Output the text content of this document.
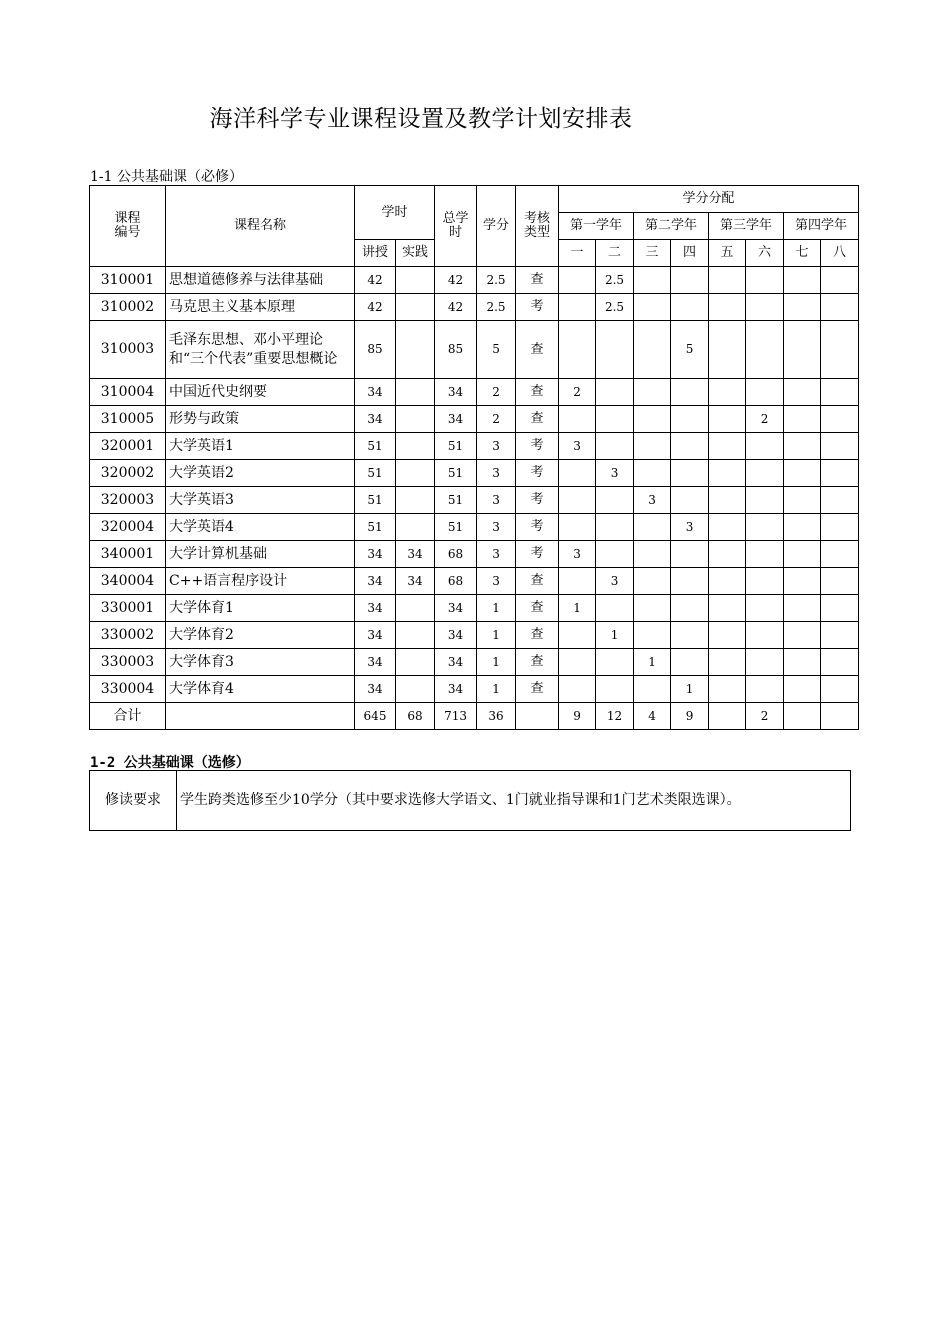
海洋科学专业课程设置及教学计划安排表
1-1 公共基础课（必修）
课程编号	课程名称	学时		总学时	学分	考核类型	学分分配							
							第一学年		第二学年		第三学年		第四学年	
		讲授	实践				一	二	三	四	五	六	七	八
310001	思想道德修养与法律基础	42		42	2.5	查		2.5						
310002	马克思主义基本原理	42		42	2.5	考		2.5						
310003	毛泽东思想、邓小平理论和“三个代表”重要思想概论	85		85	5	查				5				
310004	中国近代史纲要	34		34	2	查	2							
310005	形势与政策	34		34	2	查						2		
320001	大学英语1	51		51	3	考	3							
320002	大学英语2	51		51	3	考		3						
320003	大学英语3	51		51	3	考			3					
320004	大学英语4	51		51	3	考				3				
340001	大学计算机基础	34	34	68	3	考	3							
340004	C++语言程序设计	34	34	68	3	查		3						
330001	大学体育1	34		34	1	查	1							
330002	大学体育2	34		34	1	查		1						
330003	大学体育3	34		34	1	查			1					
330004	大学体育4	34		34	1	查				1				
合计		645	68	713	36		9	12	4	9		2		
1-2 公共基础课（选修）
修读要求	学生跨类选修至少10学分（其中要求选修大学语文、1门就业指导课和1门艺术类限选课）。
